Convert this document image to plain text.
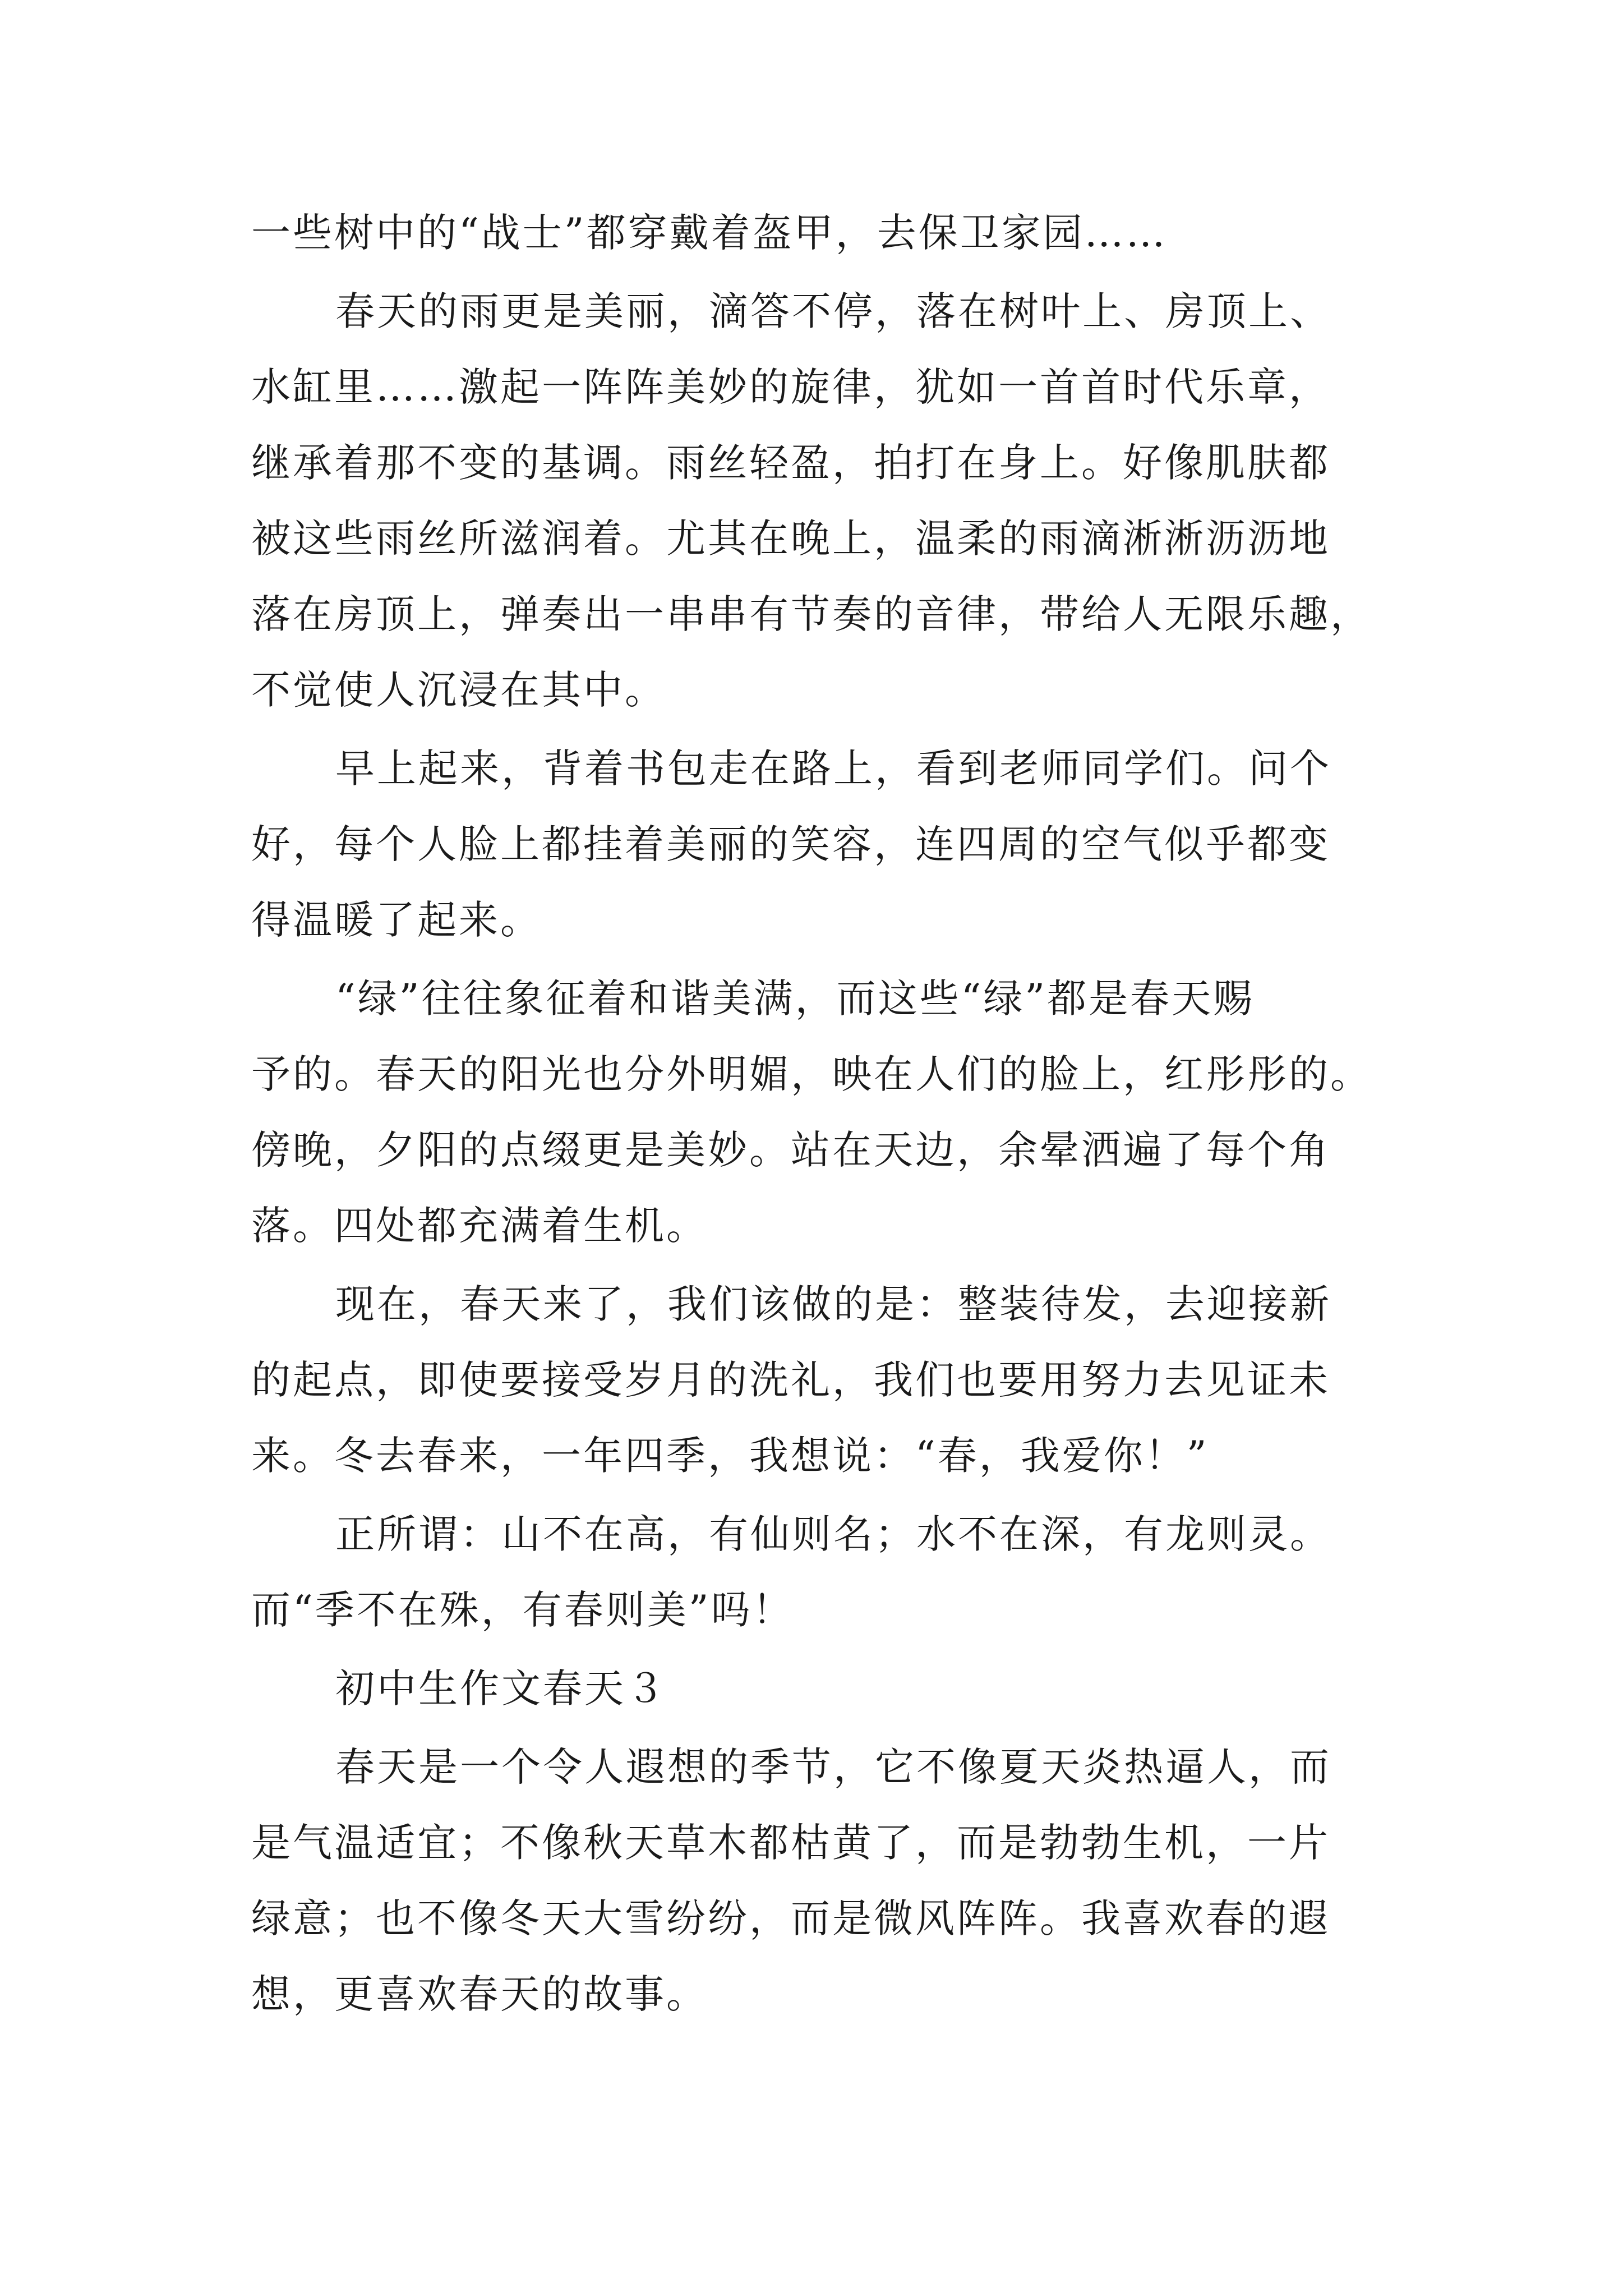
一些树中的“战士”都穿戴着盔甲，去保卫家园……

春天的雨更是美丽，滴答不停，落在树叶上、房顶上、

水缸里……激起一阵阵美妙的旋律，犹如一首首时代乐章，

继承着那不变的基调。雨丝轻盈，拍打在身上。好像肌肤都

被这些雨丝所滋润着。尤其在晚上，温柔的雨滴淅淅沥沥地

落在房顶上，弹奏出一串串有节奏的音律，带给人无限乐趣，

不觉使人沉浸在其中。

早上起来，背着书包走在路上，看到老师同学们。问个

好，每个人脸上都挂着美丽的笑容，连四周的空气似乎都变

得温暖了起来。

“绿”往往象征着和谐美满，而这些“绿”都是春天赐

予的。春天的阳光也分外明媚，映在人们的脸上，红彤彤的。

傍晚，夕阳的点缀更是美妙。站在天边，余晕洒遍了每个角

落。四处都充满着生机。

现在，春天来了，我们该做的是：整装待发，去迎接新

的起点，即使要接受岁月的洗礼，我们也要用努力去见证未

来。冬去春来，一年四季，我想说：“春，我爱你！”

正所谓：山不在高，有仙则名；水不在深，有龙则灵。

而“季不在殊，有春则美”吗！

初中生作文春天３

春天是一个令人遐想的季节，它不像夏天炎热逼人，而

是气温适宜；不像秋天草木都枯黄了，而是勃勃生机，一片

绿意；也不像冬天大雪纷纷，而是微风阵阵。我喜欢春的遐

想，更喜欢春天的故事。
